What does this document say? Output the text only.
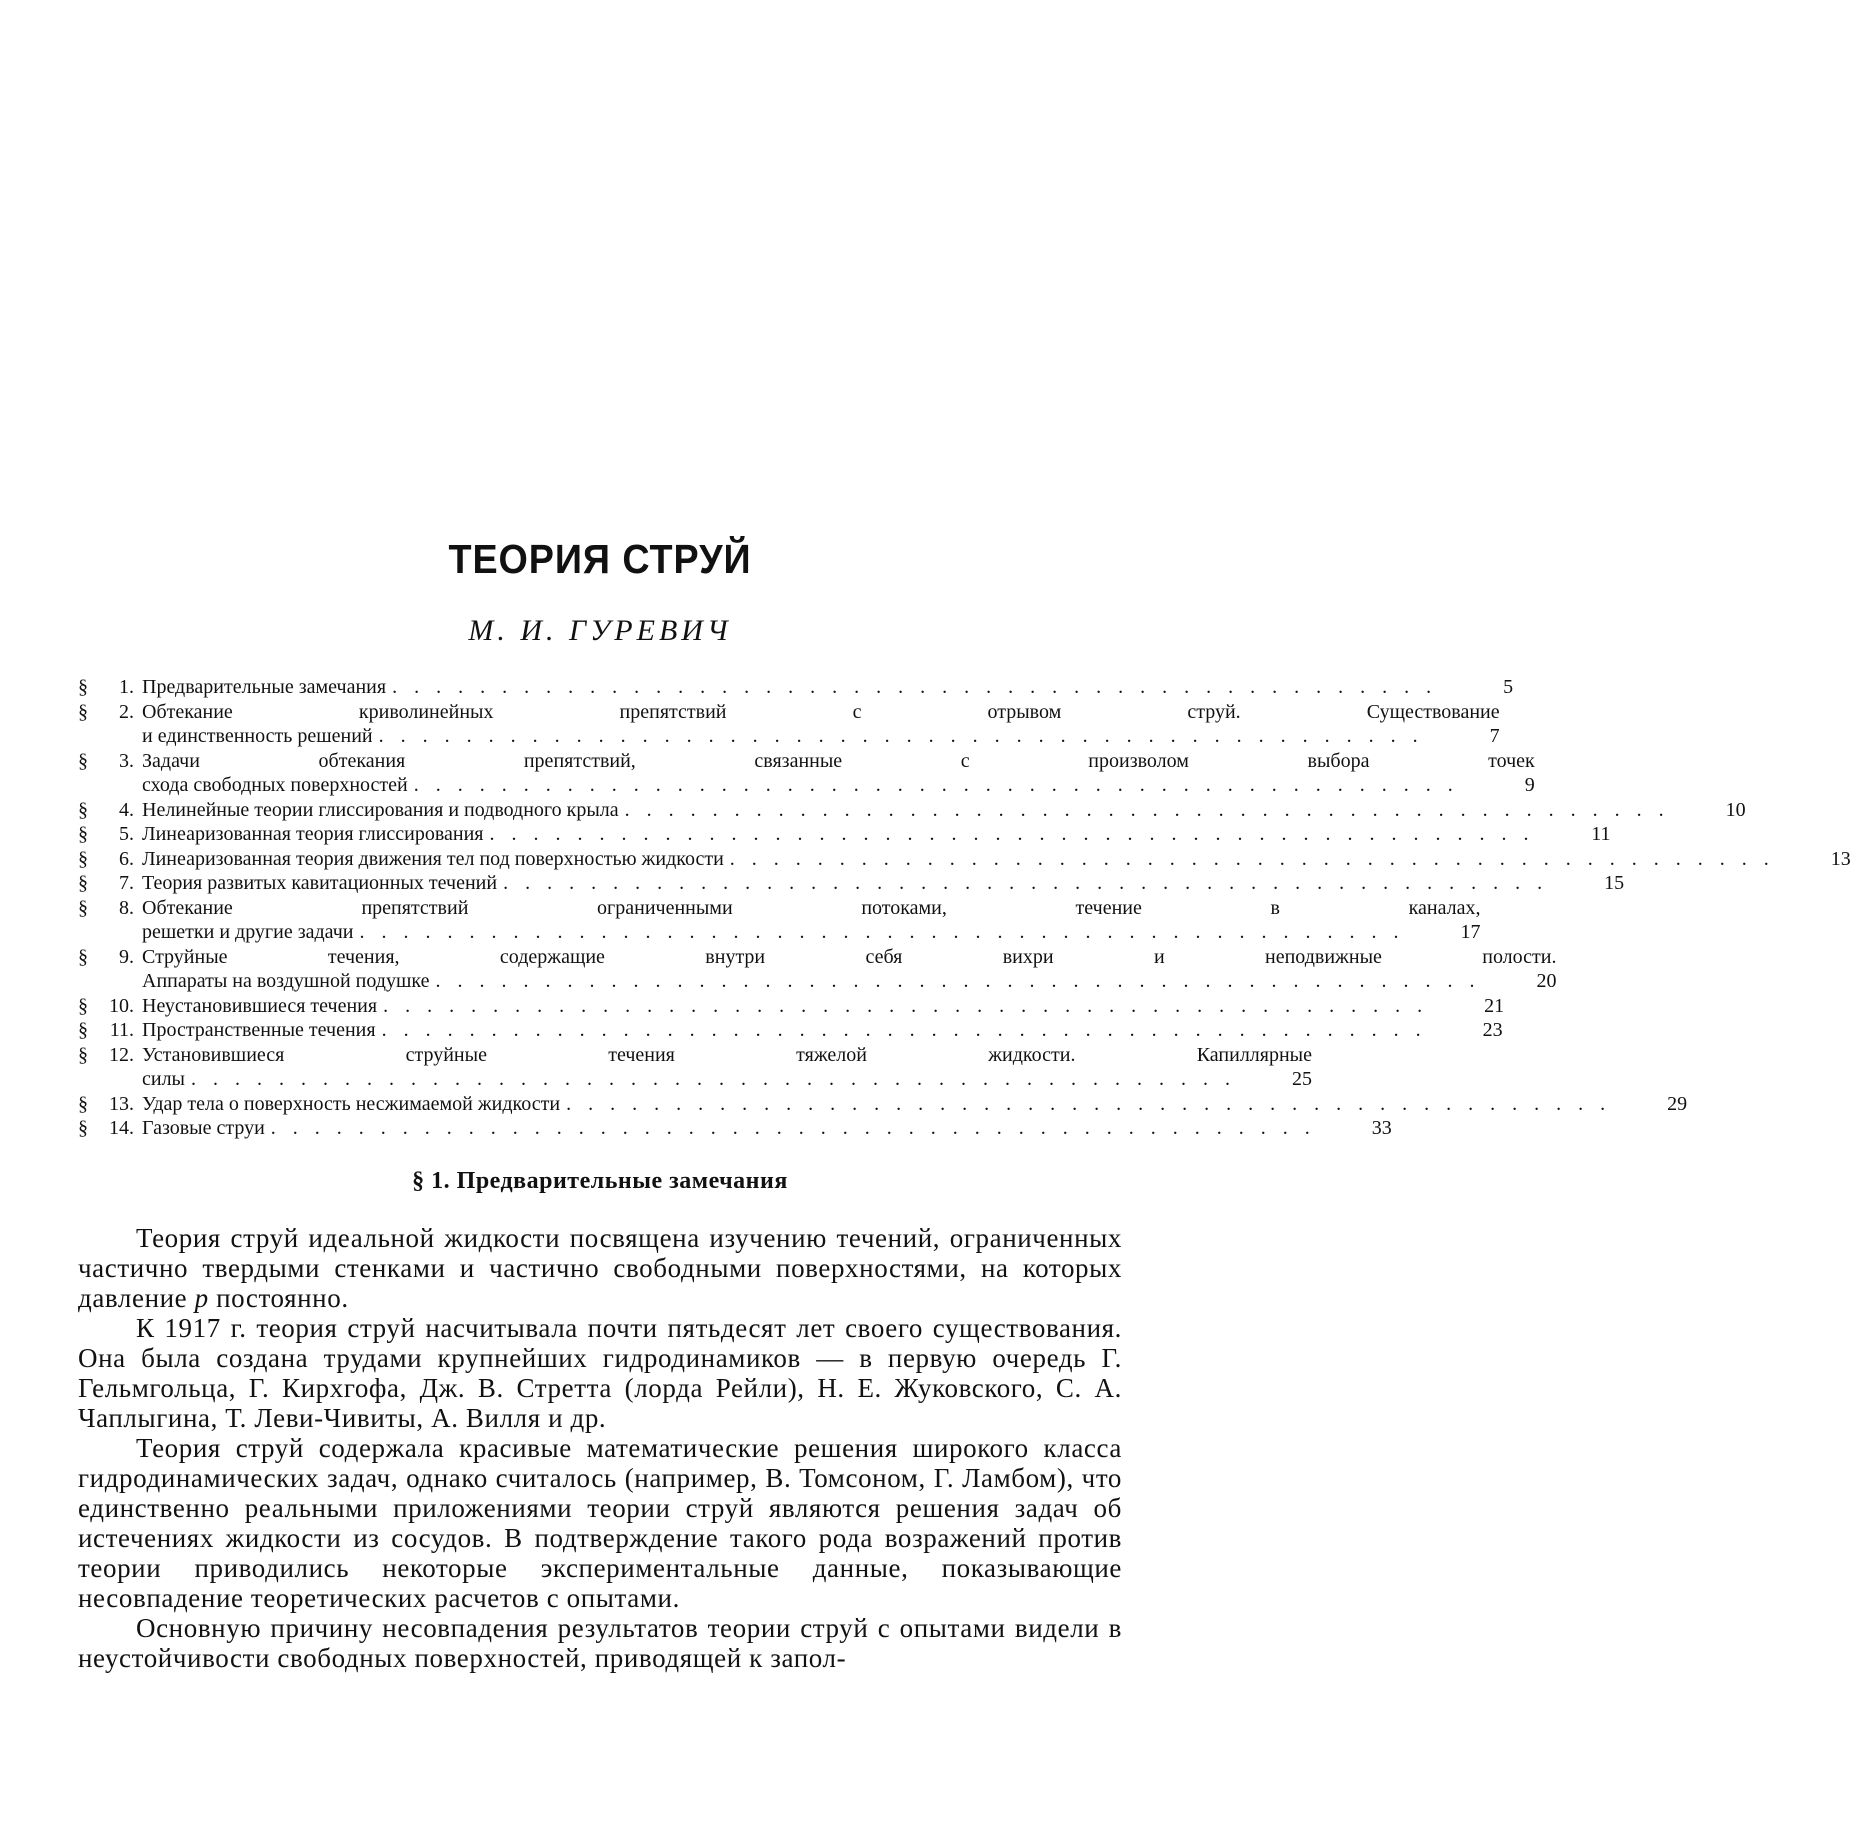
ТЕОРИЯ СТРУЙ
М. И. ГУРЕВИЧ
§	1. Предварительные замечания . . . . . . . . . . . . . . . . . . . . . . . . . . . . . . . . . . . . . . . . . . . . . . . .	5
§	2. Обтекание криволинейных препятствий с отрывом струй. Существование
и единственность решений . . . . . . . . . . . . . . . . . . . . . . . . . . . . . . . . . . . . . . . . . . . . . . . .	7
§	3. Задачи обтекания препятствий, связанные с произволом выбора точек
схода свободных поверхностей . . . . . . . . . . . . . . . . . . . . . . . . . . . . . . . . . . . . . . . . . . . . . . . .	9
§	4. Нелинейные теории глиссирования и подводного крыла . . . . . . . . . . . . . . . . . . . . . . . . . . . . . . . . . . . . . . . . . . . . . . . .	10
§	5. Линеаризованная теория глиссирования . . . . . . . . . . . . . . . . . . . . . . . . . . . . . . . . . . . . . . . . . . . . . . . .	11
§	6. Линеаризованная теория движения тел под поверхностью жидкости . . . . . . . . . . . . . . . . . . . . . . . . . . . . . . . . . . . . . . . . . . . . . . . .	13
§	7. Теория развитых кавитационных течений . . . . . . . . . . . . . . . . . . . . . . . . . . . . . . . . . . . . . . . . . . . . . . . .	15
§	8. Обтекание препятствий ограниченными потоками, течение в каналах,
решетки и другие задачи . . . . . . . . . . . . . . . . . . . . . . . . . . . . . . . . . . . . . . . . . . . . . . . .	17
§	9. Струйные течения, содержащие внутри себя вихри и неподвижные полости.
Аппараты на воздушной подушке . . . . . . . . . . . . . . . . . . . . . . . . . . . . . . . . . . . . . . . . . . . . . . . .	20
§	10. Неустановившиеся течения . . . . . . . . . . . . . . . . . . . . . . . . . . . . . . . . . . . . . . . . . . . . . . . .	21
§	11. Пространственные течения . . . . . . . . . . . . . . . . . . . . . . . . . . . . . . . . . . . . . . . . . . . . . . . .	23
§	12. Установившиеся струйные течения тяжелой жидкости. Капиллярные
силы . . . . . . . . . . . . . . . . . . . . . . . . . . . . . . . . . . . . . . . . . . . . . . . .	25
§	13. Удар тела о поверхность несжимаемой жидкости . . . . . . . . . . . . . . . . . . . . . . . . . . . . . . . . . . . . . . . . . . . . . . . .	29
§	14. Газовые струи . . . . . . . . . . . . . . . . . . . . . . . . . . . . . . . . . . . . . . . . . . . . . . . .	33
§ 1. Предварительные замечания

Теория струй идеальной жидкости посвящена изучению течений, ограниченных частично твердыми стенками и частично свободными поверхностями, на которых давление p постоянно.

К 1917 г. теория струй насчитывала почти пятьдесят лет своего существования. Она была создана трудами крупнейших гидродинамиков — в первую очередь Г. Гельмгольца, Г. Кирхгофа, Дж. В. Стретта (лорда Рейли), Н. Е. Жуковского, С. А. Чаплыгина, Т. Леви-Чивиты, А. Вилля и др.

Теория струй содержала красивые математические решения широкого класса гидродинамических задач, однако считалось (например, В. Томсоном, Г. Ламбом), что единственно реальными приложениями теории струй являются решения задач об истечениях жидкости из сосудов. В подтверждение такого рода возражений против теории приводились некоторые экспериментальные данные, показывающие несовпадение теоретических расчетов с опытами.

Основную причину несовпадения результатов теории струй с опытами видели в неустойчивости свободных поверхностей, приводящей к запол-
